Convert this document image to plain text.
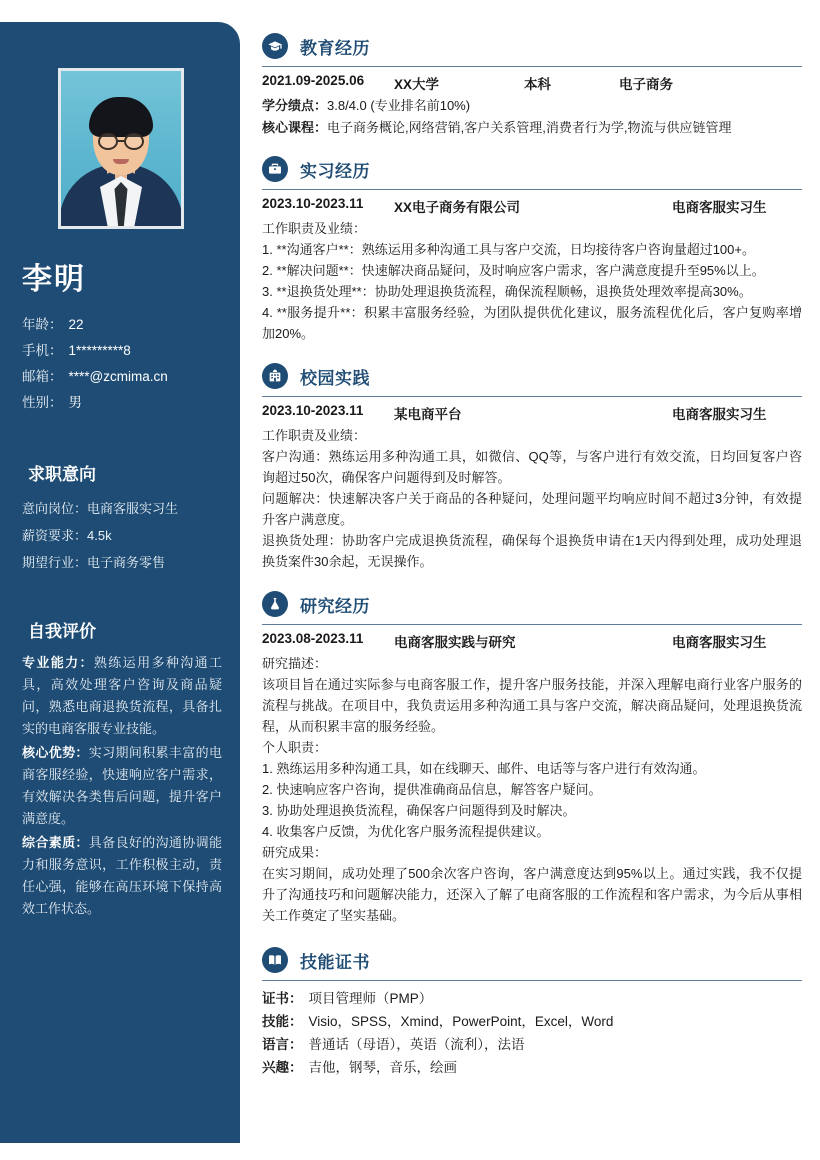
李明
年龄： 22
手机： 1*********8
邮箱： ****@zcmima.cn
性别： 男
求职意向
意向岗位：电商客服实习生
薪资要求：4.5k
期望行业：电子商务零售
自我评价
专业能力：熟练运用多种沟通工具，高效处理客户咨询及商品疑问，熟悉电商退换货流程，具备扎实的电商客服专业技能。
核心优势：实习期间积累丰富的电商客服经验，快速响应客户需求，有效解决各类售后问题，提升客户满意度。
综合素质：具备良好的沟通协调能力和服务意识，工作积极主动，责任心强，能够在高压环境下保持高效工作状态。
教育经历
2021.09-2025.06	XX大学	本科	电子商务
学分绩点：3.8/4.0 (专业排名前10%)
核心课程：电子商务概论,网络营销,客户关系管理,消费者行为学,物流与供应链管理
实习经历
2023.10-2023.11	XX电子商务有限公司	电商客服实习生
工作职责及业绩：
1. **沟通客户**：熟练运用多种沟通工具与客户交流，日均接待客户咨询量超过100+。
2. **解决问题**：快速解决商品疑问，及时响应客户需求，客户满意度提升至95%以上。
3. **退换货处理**：协助处理退换货流程，确保流程顺畅，退换货处理效率提高30%。
4. **服务提升**：积累丰富服务经验，为团队提供优化建议，服务流程优化后，客户复购率增加20%。
校园实践
2023.10-2023.11	某电商平台	电商客服实习生
工作职责及业绩：
客户沟通：熟练运用多种沟通工具，如微信、QQ等，与客户进行有效交流，日均回复客户咨询超过50次，确保客户问题得到及时解答。
问题解决：快速解决客户关于商品的各种疑问，处理问题平均响应时间不超过3分钟，有效提升客户满意度。
退换货处理：协助客户完成退换货流程，确保每个退换货申请在1天内得到处理，成功处理退换货案件30余起，无误操作。
研究经历
2023.08-2023.11	电商客服实践与研究	电商客服实习生
研究描述：
该项目旨在通过实际参与电商客服工作，提升客户服务技能，并深入理解电商行业客户服务的流程与挑战。在项目中，我负责运用多种沟通工具与客户交流，解决商品疑问，处理退换货流程，从而积累丰富的服务经验。
个人职责：
1. 熟练运用多种沟通工具，如在线聊天、邮件、电话等与客户进行有效沟通。
2. 快速响应客户咨询，提供准确商品信息，解答客户疑问。
3. 协助处理退换货流程，确保客户问题得到及时解决。
4. 收集客户反馈，为优化客户服务流程提供建议。
研究成果：
在实习期间，成功处理了500余次客户咨询，客户满意度达到95%以上。通过实践，我不仅提升了沟通技巧和问题解决能力，还深入了解了电商客服的工作流程和客户需求，为今后从事相关工作奠定了坚实基础。
技能证书
证书： 项目管理师（PMP）
技能： Visio，SPSS，Xmind，PowerPoint，Excel，Word
语言： 普通话（母语），英语（流利），法语
兴趣： 吉他，钢琴，音乐，绘画
